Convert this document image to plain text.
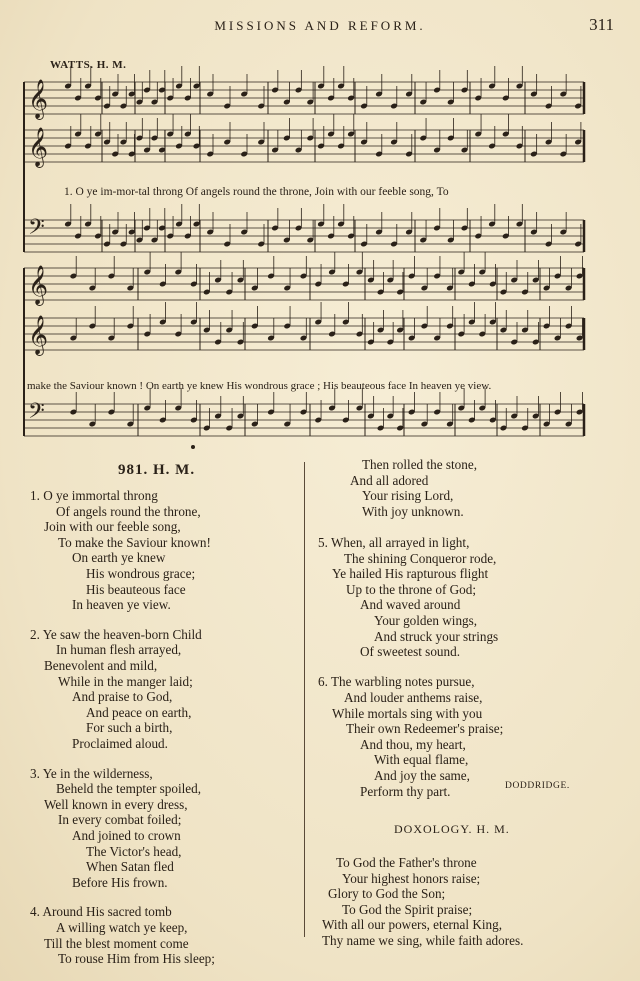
MISSIONS AND REFORM.	311
WATTS. H. M.
𝄞
𝄞
𝄢
𝄞
𝄞
𝄢
1. O ye im-mor-tal throng Of angels round the throne, Join with our feeble song, To
make the Saviour known ! On earth ye knew His wondrous grace ; His beauteous face In heaven ye view.
981. H. M.

1. O ye immortal throng

Of angels round the throne,

Join with our feeble song,

To make the Saviour known!

On earth ye knew

His wondrous grace;

His beauteous face

In heaven ye view.

2. Ye saw the heaven-born Child

In human flesh arrayed,

Benevolent and mild,

While in the manger laid;

And praise to God,

And peace on earth,

For such a birth,

Proclaimed aloud.

3. Ye in the wilderness,

Beheld the tempter spoiled,

Well known in every dress,

In every combat foiled;

And joined to crown

The Victor's head,

When Satan fled

Before His frown.

4. Around His sacred tomb

A willing watch ye keep,

Till the blest moment come

To rouse Him from His sleep;

Then rolled the stone,

And all adored

Your rising Lord,

With joy unknown.

5. When, all arrayed in light,

The shining Conqueror rode,

Ye hailed His rapturous flight

Up to the throne of God;

And waved around

Your golden wings,

And struck your strings

Of sweetest sound.

6. The warbling notes pursue,

And louder anthems raise,

While mortals sing with you

Their own Redeemer's praise;

And thou, my heart,

With equal flame,

And joy the same,

Perform thy part.	DODDRIDGE.
DOXOLOGY. H. M.

To God the Father's throne

Your highest honors raise;

Glory to God the Son;

To God the Spirit praise;

With all our powers, eternal King,

Thy name we sing, while faith adores.
